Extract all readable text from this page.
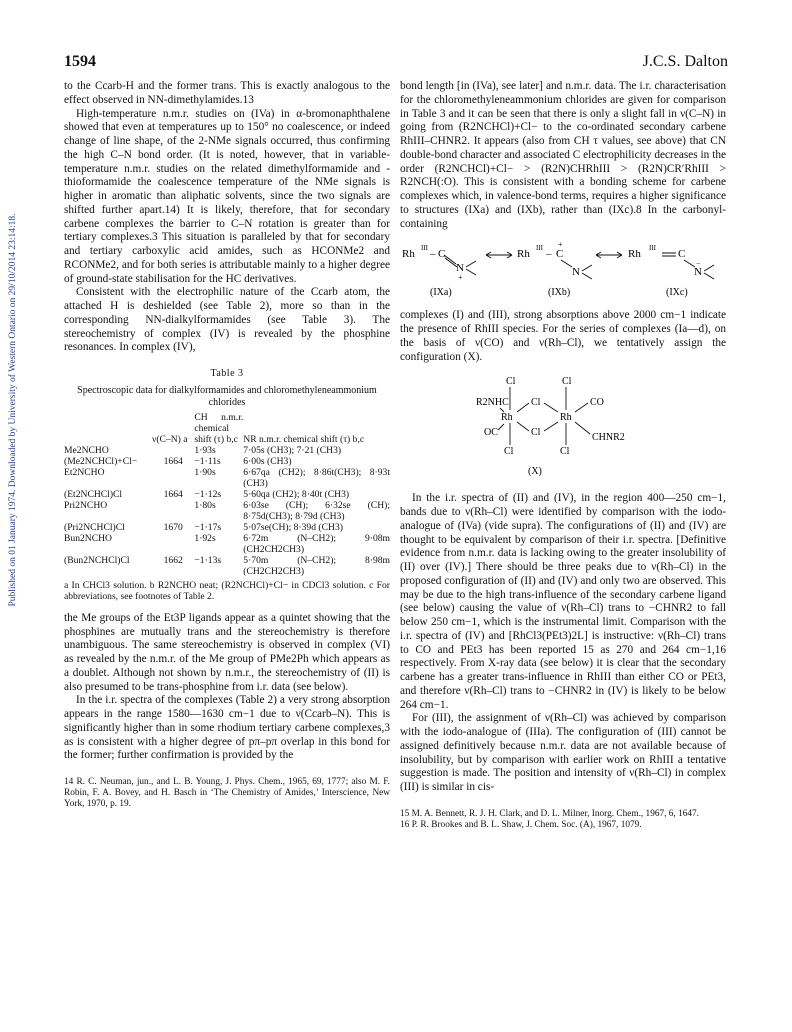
1594	J.C.S. Dalton
Published on 01 January 1974. Downloaded by University of Western Ontario on 29/10/2014 23:14:18.

to the Ccarb-H and the former trans. This is exactly analogous to the effect observed in NN-dimethylamides.13

High-temperature n.m.r. studies on (IVa) in α-bromonaphthalene showed that even at temperatures up to 150° no coalescence, or indeed change of line shape, of the 2-NMe signals occurred, thus confirming the high C–N bond order. (It is noted, however, that in variable-temperature n.m.r. studies on the related dimethylformamide and -thioformamide the coalescence temperature of the NMe signals is higher in aromatic than aliphatic solvents, since the two signals are shifted further apart.14) It is likely, therefore, that for secondary carbene complexes the barrier to C–N rotation is greater than for tertiary complexes.3 This situation is paralleled by that for secondary and tertiary carboxylic acid amides, such as HCONMe2 and RCONMe2, and for both series is attributable mainly to a higher degree of ground-state stabilisation for the HC derivatives.

Consistent with the electrophilic nature of the Ccarb atom, the attached H is deshielded (see Table 2), more so than in the corresponding NN-dialkylformamides (see Table 3). The stereochemistry of complex (IV) is revealed by the phosphine resonances. In complex (IV),

Table 3
Spectroscopic data for dialkylformamides and chloromethyleneammonium chlorides
	ν(C–N) a	CH n.m.r. chemical shift (τ) b,c	NR n.m.r. chemical shift (τ) b,c
Me2NCHO		1·93s	7·05s (CH3); 7·21 (CH3)
(Me2NCHCl)+Cl−	1664	−1·11s	6·00s (CH3)
Et2NCHO		1·90s	6·67qa (CH2); 8·86t(CH3); 8·93t (CH3)
(Et2NCHCl)Cl	1664	−1·12s	5·60qa (CH2); 8·40t (CH3)
Pri2NCHO		1·80s	6·03se (CH); 6·32se (CH); 8·75d(CH3); 8·79d (CH3)
(Pri2NCHCl)Cl	1670	−1·17s	5·07se(CH); 8·39d (CH3)
Bun2NCHO		1·92s	6·72m (N–CH2); 9·08m (CH2CH2CH3)
(Bun2NCHCl)Cl	1662	−1·13s	5·70m (N–CH2); 8·98m (CH2CH2CH3)
a In CHCl3 solution. b R2NCHO neat; (R2NCHCl)+Cl− in CDCl3 solution. c For abbreviations, see footnotes of Table 2.

the Me groups of the Et3P ligands appear as a quintet showing that the phosphines are mutually trans and the stereochemistry is therefore unambiguous. The same stereochemistry is observed in complex (VI) as revealed by the n.m.r. of the Me group of PMe2Ph which appears as a doublet. Although not shown by n.m.r., the stereochemistry of (II) is also presumed to be trans-phosphine from i.r. data (see below).

In the i.r. spectra of the complexes (Table 2) a very strong absorption appears in the range 1580—1630 cm−1 due to ν(Ccarb–N). This is significantly higher than in some rhodium tertiary carbene complexes,3 as is consistent with a higher degree of pπ–pπ overlap in this bond for the former; further confirmation is provided by the

14 R. C. Neuman, jun., and L. B. Young, J. Phys. Chem., 1965, 69, 1777; also M. F. Robin, F. A. Bovey, and H. Basch in ‘The Chemistry of Amides,’ Interscience, New York, 1970, p. 19.

bond length [in (IVa), see later] and n.m.r. data. The i.r. characterisation for the chloromethyleneammonium chlorides are given for comparison in Table 3 and it can be seen that there is only a slight fall in ν(C–N) in going from (R2NCHCl)+Cl− to the co-ordinated secondary carbene RhIII–CHNR2. It appears (also from CH τ values, see above) that CN double-bond character and associated C electrophilicity decreases in the order (R2NCHCl)+Cl− > (R2N)CHRhIII > (R2N)CR′RhIII > R2NCH(:O). This is consistent with a bonding scheme for carbene complexes which, in valence-bond terms, requires a higher significance to structures (IXa) and (IXb), rather than (IXc).8 In the carbonyl-containing

Rh III – C
N
+
(IXa)
Rh III – C
+
N
(IXb)
Rh III C
N
−
(IXc)

complexes (I) and (III), strong absorptions above 2000 cm−1 indicate the presence of RhIII species. For the series of complexes (Ia—d), on the basis of ν(CO) and ν(Rh–Cl), we tentatively assign the configuration (X).

Cl	Cl
R2NHC Cl	CO
Rh	Rh
OC	Cl	CHNR2
Cl	Cl
(X)

In the i.r. spectra of (II) and (IV), in the region 400—250 cm−1, bands due to ν(Rh–Cl) were identified by comparison with the iodo-analogue of (IVa) (vide supra). The configurations of (II) and (IV) are thought to be equivalent by comparison of their i.r. spectra. [Definitive evidence from n.m.r. data is lacking owing to the greater insolubility of (II) over (IV).] There should be three peaks due to ν(Rh–Cl) in the proposed configuration of (II) and (IV) and only two are observed. This may be due to the high trans-influence of the secondary carbene ligand (see below) causing the value of ν(Rh–Cl) trans to −CHNR2 to fall below 250 cm−1, which is the instrumental limit. Comparison with the i.r. spectra of (IV) and [RhCl3(PEt3)2L] is instructive: ν(Rh–Cl) trans to CO and PEt3 has been reported 15 as 270 and 264 cm−1,16 respectively. From X-ray data (see below) it is clear that the secondary carbene has a greater trans-influence in RhIII than either CO or PEt3, and therefore ν(Rh–Cl) trans to −CHNR2 in (IV) is likely to be below 264 cm−1.

For (III), the assignment of ν(Rh–Cl) was achieved by comparison with the iodo-analogue of (IIIa). The configuration of (III) cannot be assigned definitively because n.m.r. data are not available because of insolubility, but by comparison with earlier work on RhIII a tentative suggestion is made. The position and intensity of ν(Rh–Cl) in complex (III) is similar in cis-

15 M. A. Bennett, R. J. H. Clark, and D. L. Milner, Inorg. Chem., 1967, 6, 1647.
16 P. R. Brookes and B. L. Shaw, J. Chem. Soc. (A), 1967, 1079.
